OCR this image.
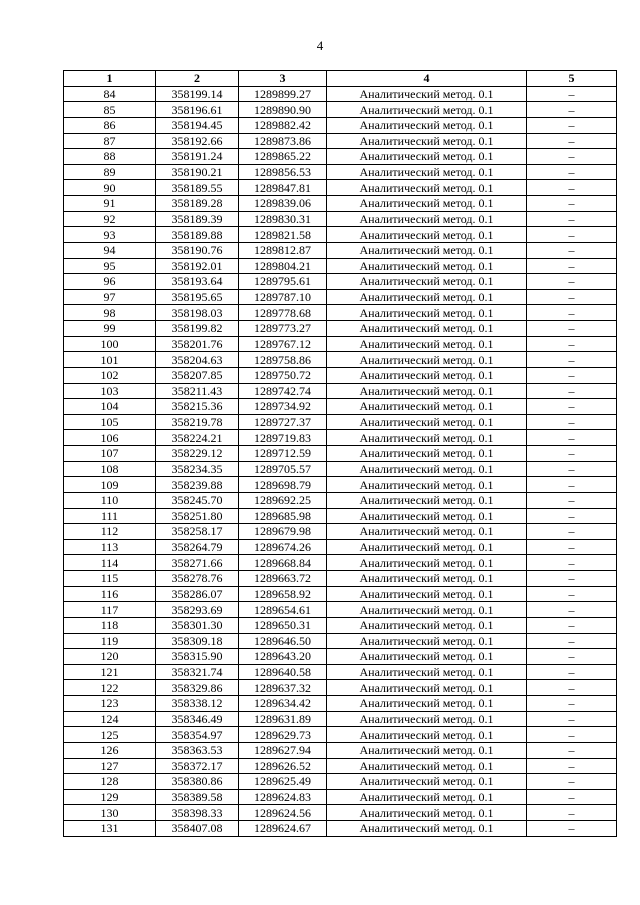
4
1	2	3	4	5
84	358199.14	1289899.27	Аналитический метод. 0.1	–
85	358196.61	1289890.90	Аналитический метод. 0.1	–
86	358194.45	1289882.42	Аналитический метод. 0.1	–
87	358192.66	1289873.86	Аналитический метод. 0.1	–
88	358191.24	1289865.22	Аналитический метод. 0.1	–
89	358190.21	1289856.53	Аналитический метод. 0.1	–
90	358189.55	1289847.81	Аналитический метод. 0.1	–
91	358189.28	1289839.06	Аналитический метод. 0.1	–
92	358189.39	1289830.31	Аналитический метод. 0.1	–
93	358189.88	1289821.58	Аналитический метод. 0.1	–
94	358190.76	1289812.87	Аналитический метод. 0.1	–
95	358192.01	1289804.21	Аналитический метод. 0.1	–
96	358193.64	1289795.61	Аналитический метод. 0.1	–
97	358195.65	1289787.10	Аналитический метод. 0.1	–
98	358198.03	1289778.68	Аналитический метод. 0.1	–
99	358199.82	1289773.27	Аналитический метод. 0.1	–
100	358201.76	1289767.12	Аналитический метод. 0.1	–
101	358204.63	1289758.86	Аналитический метод. 0.1	–
102	358207.85	1289750.72	Аналитический метод. 0.1	–
103	358211.43	1289742.74	Аналитический метод. 0.1	–
104	358215.36	1289734.92	Аналитический метод. 0.1	–
105	358219.78	1289727.37	Аналитический метод. 0.1	–
106	358224.21	1289719.83	Аналитический метод. 0.1	–
107	358229.12	1289712.59	Аналитический метод. 0.1	–
108	358234.35	1289705.57	Аналитический метод. 0.1	–
109	358239.88	1289698.79	Аналитический метод. 0.1	–
110	358245.70	1289692.25	Аналитический метод. 0.1	–
111	358251.80	1289685.98	Аналитический метод. 0.1	–
112	358258.17	1289679.98	Аналитический метод. 0.1	–
113	358264.79	1289674.26	Аналитический метод. 0.1	–
114	358271.66	1289668.84	Аналитический метод. 0.1	–
115	358278.76	1289663.72	Аналитический метод. 0.1	–
116	358286.07	1289658.92	Аналитический метод. 0.1	–
117	358293.69	1289654.61	Аналитический метод. 0.1	–
118	358301.30	1289650.31	Аналитический метод. 0.1	–
119	358309.18	1289646.50	Аналитический метод. 0.1	–
120	358315.90	1289643.20	Аналитический метод. 0.1	–
121	358321.74	1289640.58	Аналитический метод. 0.1	–
122	358329.86	1289637.32	Аналитический метод. 0.1	–
123	358338.12	1289634.42	Аналитический метод. 0.1	–
124	358346.49	1289631.89	Аналитический метод. 0.1	–
125	358354.97	1289629.73	Аналитический метод. 0.1	–
126	358363.53	1289627.94	Аналитический метод. 0.1	–
127	358372.17	1289626.52	Аналитический метод. 0.1	–
128	358380.86	1289625.49	Аналитический метод. 0.1	–
129	358389.58	1289624.83	Аналитический метод. 0.1	–
130	358398.33	1289624.56	Аналитический метод. 0.1	–
131	358407.08	1289624.67	Аналитический метод. 0.1	–
